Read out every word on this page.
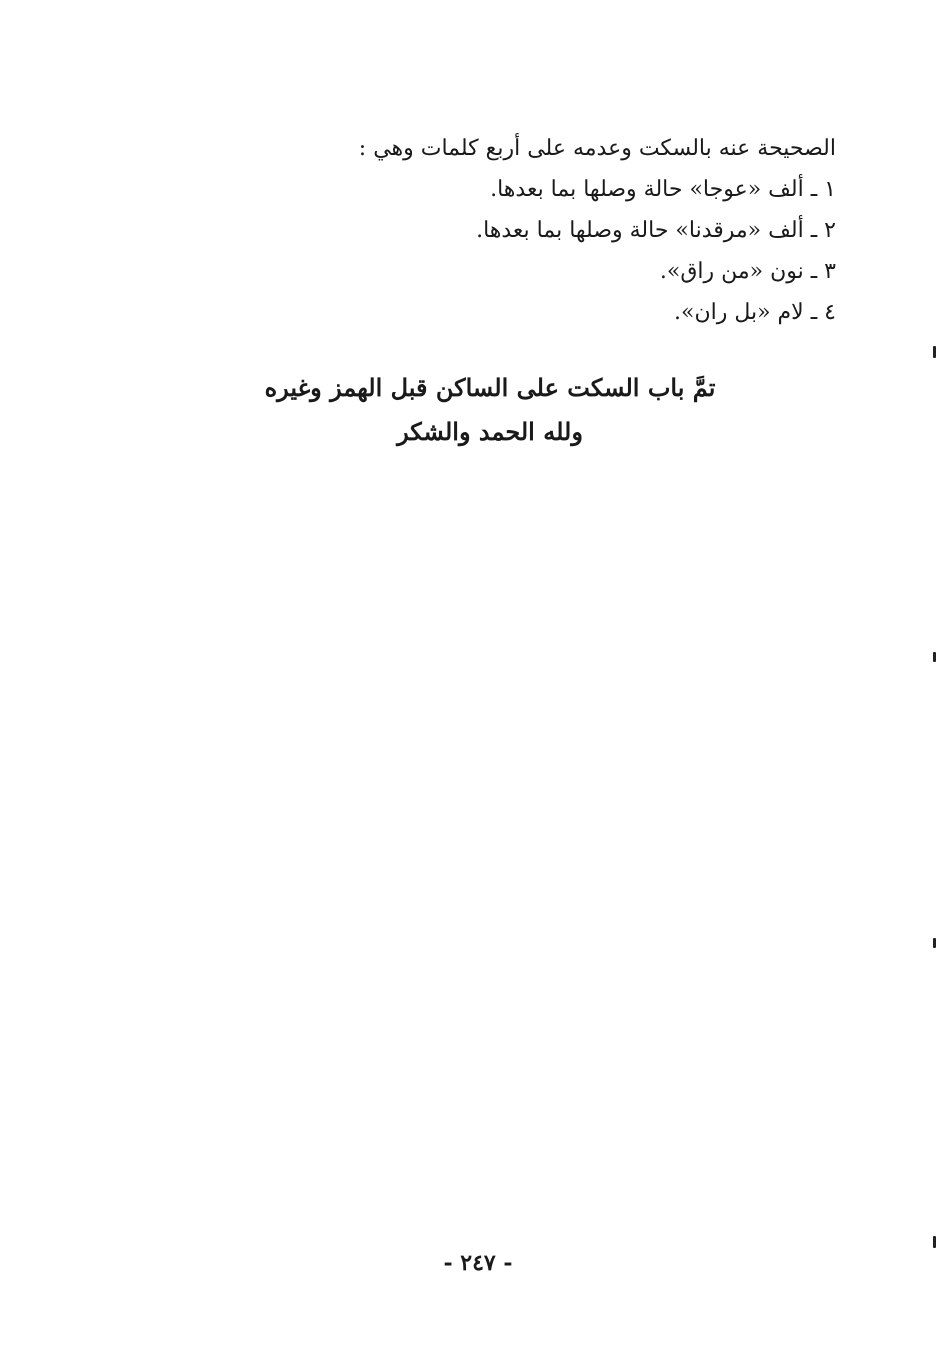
الصحيحة عنه بالسكت وعدمه على أربع كلمات وهي :

١ ـ ألف «عوجا» حالة وصلها بما بعدها.

٢ ـ ألف «مرقدنا» حالة وصلها بما بعدها.

٣ ـ نون «من راق».

٤ ـ لام «بل ران».

تمَّ باب السكت على الساكن قبل الهمز وغيره

ولله الحمد والشكر

- ٢٤٧ -
